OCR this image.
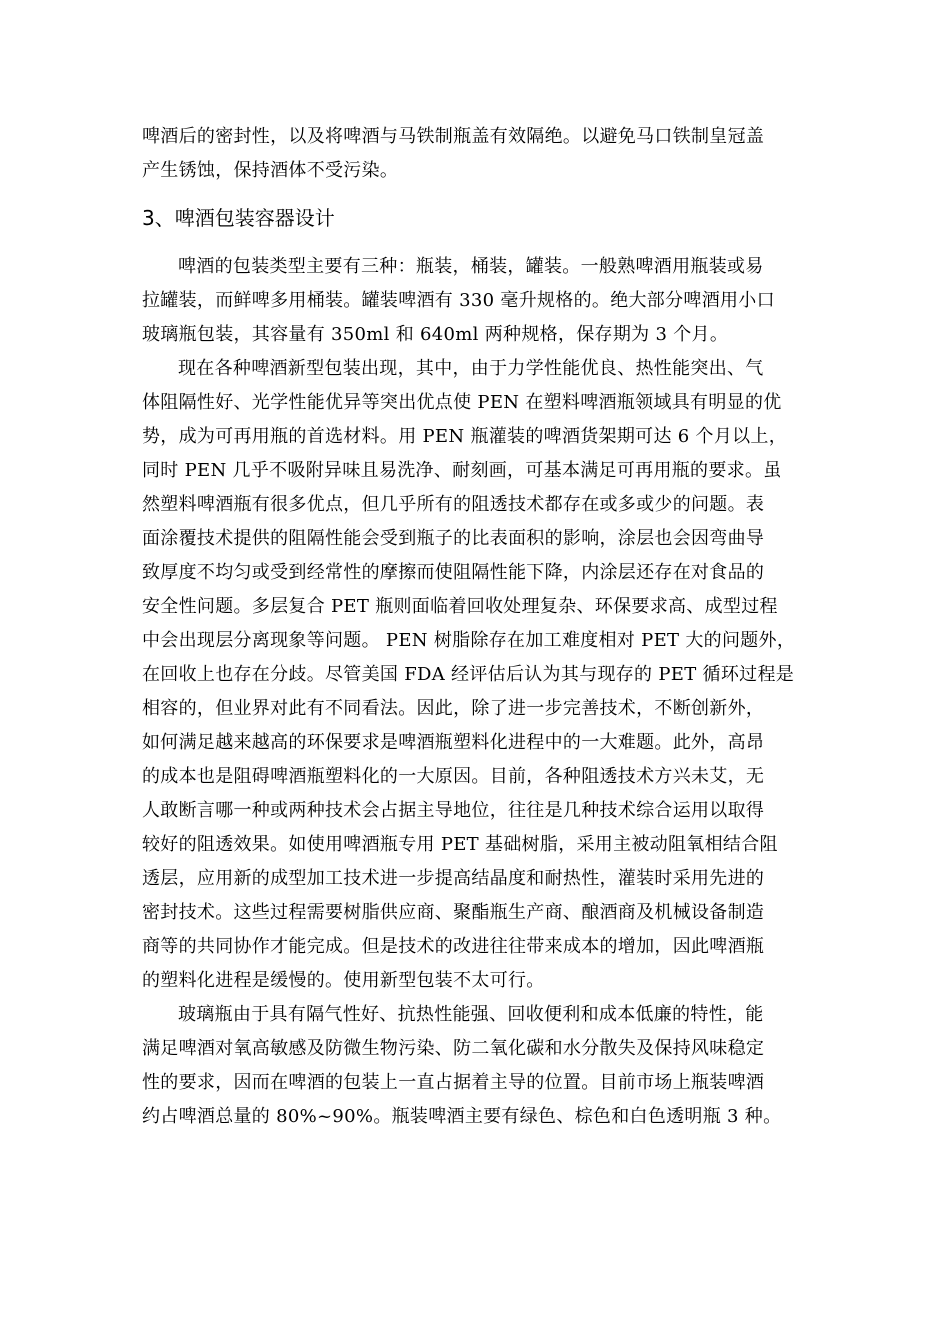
啤酒后的密封性，以及将啤酒与马铁制瓶盖有效隔绝。以避免马口铁制皇冠盖
产生锈蚀，保持酒体不受污染。

3、啤酒包装容器设计

啤酒的包装类型主要有三种：瓶装，桶装，罐装。一般熟啤酒用瓶装或易
拉罐装，而鲜啤多用桶装。罐装啤酒有 330 毫升规格的。绝大部分啤酒用小口
玻璃瓶包装，其容量有 350ml 和 640ml 两种规格，保存期为 3 个月。

现在各种啤酒新型包装出现，其中，由于力学性能优良、热性能突出、气
体阻隔性好、光学性能优异等突出优点使 PEN 在塑料啤酒瓶领域具有明显的优
势，成为可再用瓶的首选材料。用 PEN 瓶灌装的啤酒货架期可达 6 个月以上，
同时 PEN 几乎不吸附异味且易洗净、耐刻画，可基本满足可再用瓶的要求。虽
然塑料啤酒瓶有很多优点，但几乎所有的阻透技术都存在或多或少的问题。表
面涂覆技术提供的阻隔性能会受到瓶子的比表面积的影响，涂层也会因弯曲导
致厚度不均匀或受到经常性的摩擦而使阻隔性能下降，内涂层还存在对食品的
安全性问题。多层复合 PET 瓶则面临着回收处理复杂、环保要求高、成型过程
中会出现层分离现象等问题。 PEN 树脂除存在加工难度相对 PET 大的问题外，
在回收上也存在分歧。尽管美国 FDA 经评估后认为其与现存的 PET 循环过程是
相容的，但业界对此有不同看法。因此，除了进一步完善技术，不断创新外，
如何满足越来越高的环保要求是啤酒瓶塑料化进程中的一大难题。此外，高昂
的成本也是阻碍啤酒瓶塑料化的一大原因。目前，各种阻透技术方兴未艾，无
人敢断言哪一种或两种技术会占据主导地位，往往是几种技术综合运用以取得
较好的阻透效果。如使用啤酒瓶专用 PET 基础树脂，采用主被动阻氧相结合阻
透层，应用新的成型加工技术进一步提高结晶度和耐热性，灌装时采用先进的
密封技术。这些过程需要树脂供应商、聚酯瓶生产商、酿酒商及机械设备制造
商等的共同协作才能完成。但是技术的改进往往带来成本的增加，因此啤酒瓶
的塑料化进程是缓慢的。使用新型包装不太可行。

玻璃瓶由于具有隔气性好、抗热性能强、回收便利和成本低廉的特性，能
满足啤酒对氧高敏感及防微生物污染、防二氧化碳和水分散失及保持风味稳定
性的要求，因而在啤酒的包装上一直占据着主导的位置。目前市场上瓶装啤酒
约占啤酒总量的 80%~90%。瓶装啤酒主要有绿色、棕色和白色透明瓶 3 种。
